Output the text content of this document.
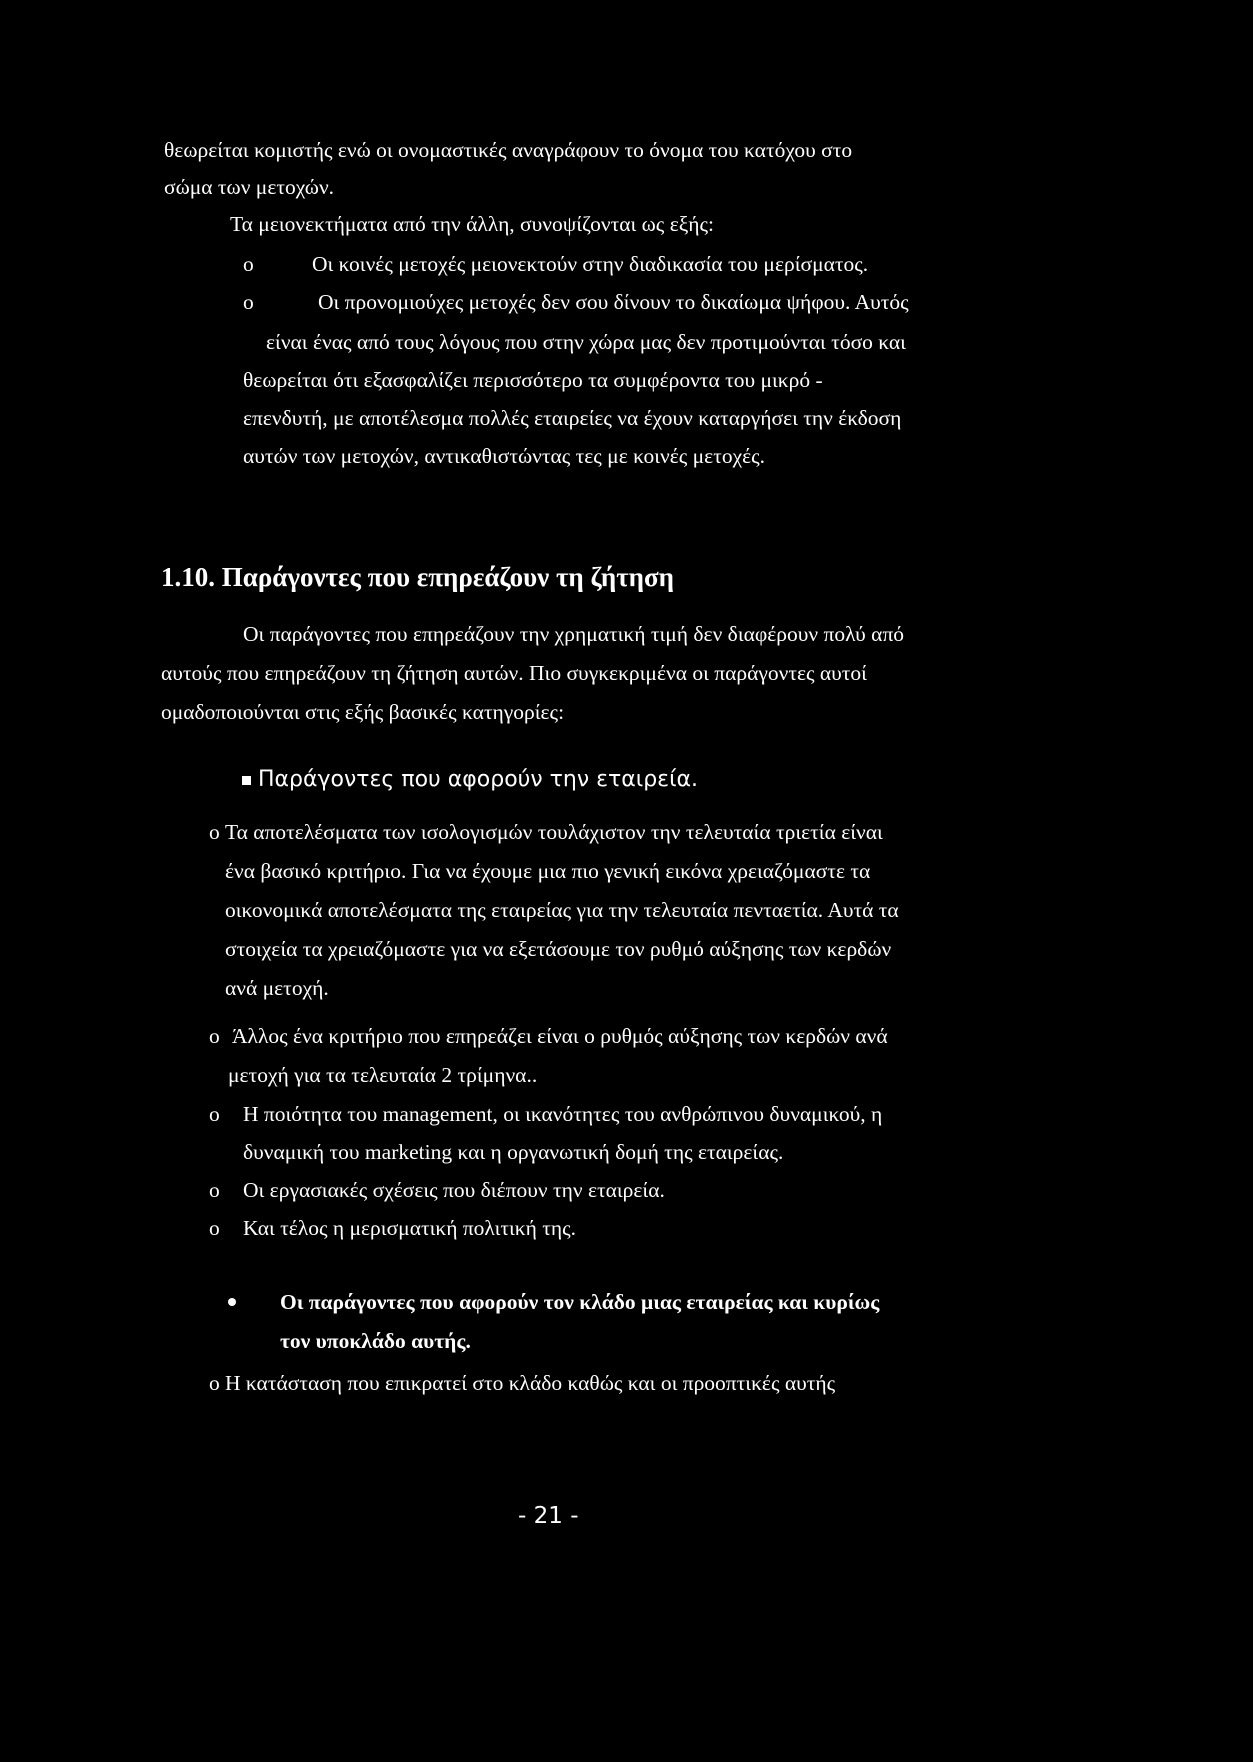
θεωρείται κομιστής ενώ οι ονομαστικές αναγράφουν το όνομα του κατόχου στο
σώμα των μετοχών.
Τα μειονεκτήματα από την άλλη, συνοψίζονται ως εξής:
o	Οι κοινές μετοχές μειονεκτούν στην διαδικασία του μερίσματος.
o	Οι προνομιούχες μετοχές δεν σου δίνουν το δικαίωμα ψήφου. Αυτός
είναι ένας από τους λόγους που στην χώρα μας δεν προτιμούνται τόσο και
θεωρείται ότι εξασφαλίζει περισσότερο τα συμφέροντα του μικρό -
επενδυτή, με αποτέλεσμα πολλές εταιρείες να έχουν καταργήσει την έκδοση
αυτών των μετοχών, αντικαθιστώντας τες με κοινές μετοχές.
1.10. Παράγοντες που επηρεάζουν τη ζήτηση
Οι παράγοντες που επηρεάζουν την χρηματική τιμή δεν διαφέρουν πολύ από
αυτούς που επηρεάζουν τη ζήτηση αυτών. Πιο συγκεκριμένα οι παράγοντες αυτοί
ομαδοποιούνται στις εξής βασικές κατηγορίες:
Παράγοντες που αφορούν την εταιρεία.
o Τα αποτελέσματα των ισολογισμών τουλάχιστον την τελευταία τριετία είναι
ένα βασικό κριτήριο. Για να έχουμε μια πιο γενική εικόνα χρειαζόμαστε τα
οικονομικά αποτελέσματα της εταιρείας για την τελευταία πενταετία. Αυτά τα
στοιχεία τα χρειαζόμαστε για να εξετάσουμε τον ρυθμό αύξησης των κερδών
ανά μετοχή.
o Άλλος ένα κριτήριο που επηρεάζει είναι ο ρυθμός αύξησης των κερδών ανά
μετοχή για τα τελευταία 2 τρίμηνα..
o Η ποιότητα του management, οι ικανότητες του ανθρώπινου δυναμικού, η
δυναμική του marketing και η οργανωτική δομή της εταιρείας.
o Οι εργασιακές σχέσεις που διέπουν την εταιρεία.
o Και τέλος η μερισματική πολιτική της.
Οι παράγοντες που αφορούν τον κλάδο μιας εταιρείας και κυρίως
τον υποκλάδο αυτής.
o Η κατάσταση που επικρατεί στο κλάδο καθώς και οι προοπτικές αυτής
- 21 -
